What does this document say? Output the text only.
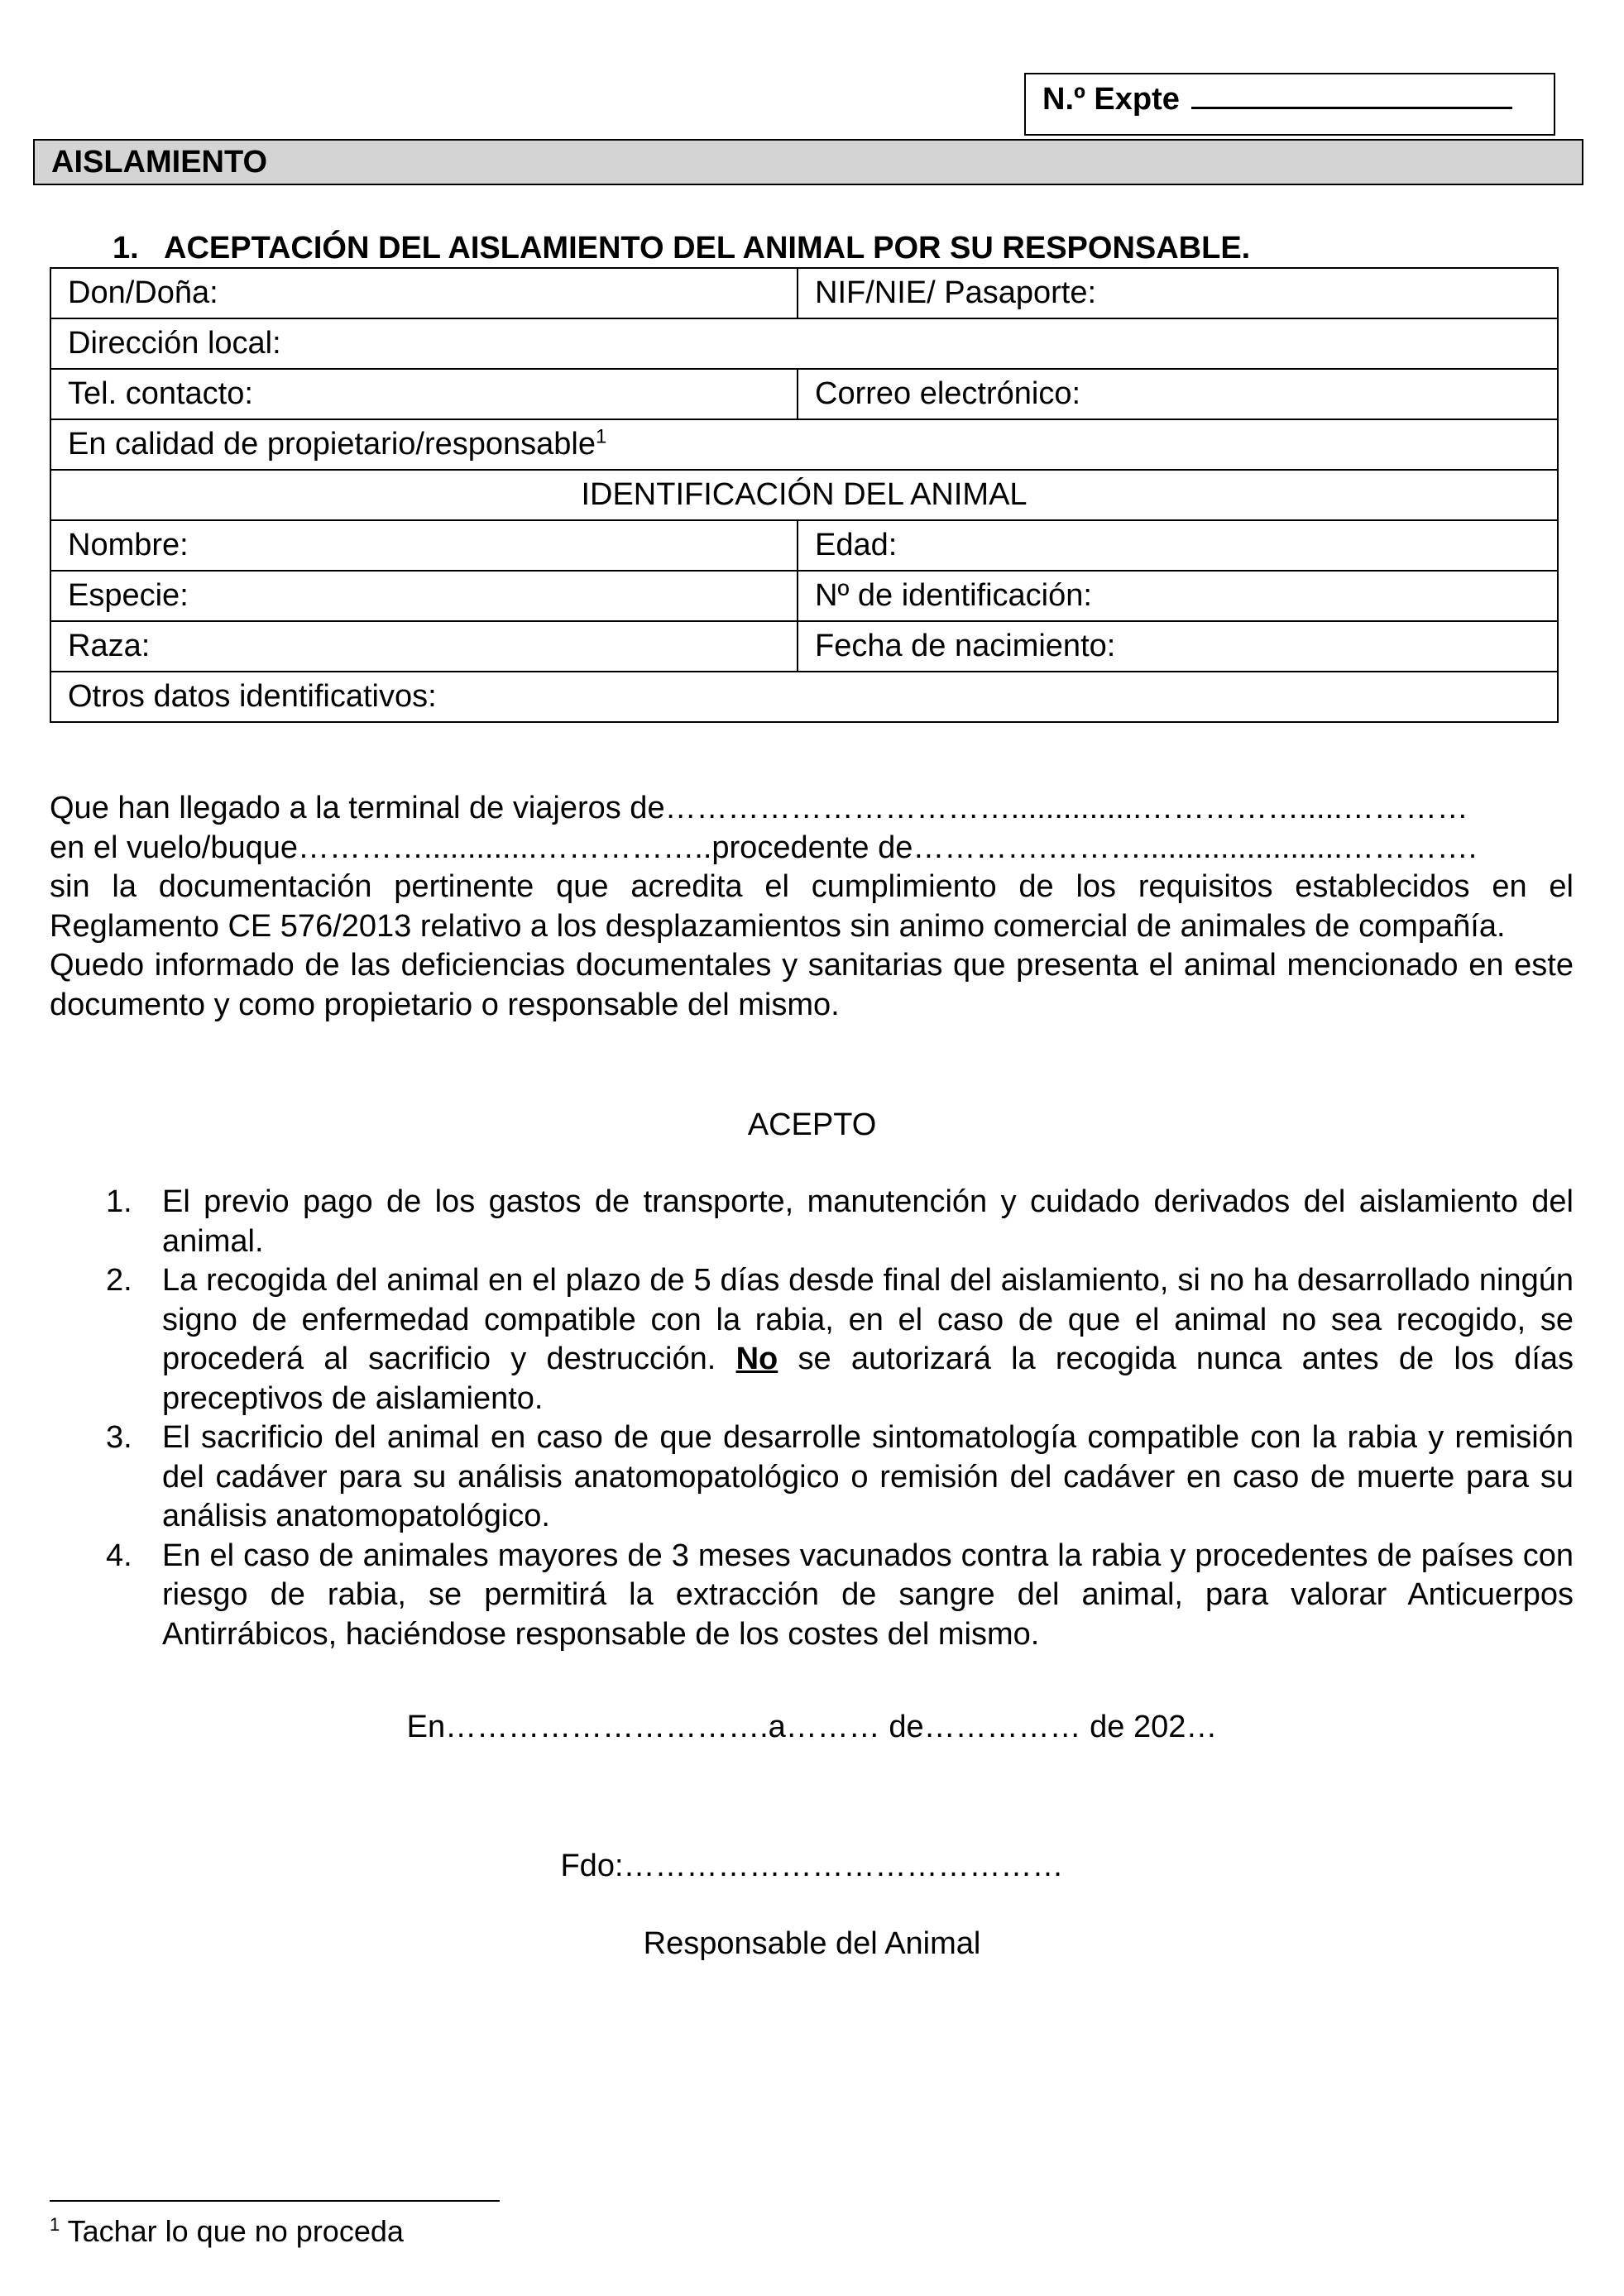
N.º Expte
AISLAMIENTO
1. ACEPTACIÓN DEL AISLAMIENTO DEL ANIMAL POR SU RESPONSABLE.
Don/Doña:	NIF/NIE/ Pasaporte:
Dirección local:	
Tel. contacto:	Correo electrónico:
En calidad de propietario/responsable$^1$
IDENTIFICACIÓN DEL ANIMAL	
Nombre:	Edad:
Especie:	Nº de identificación:
Raza:	Fecha de nacimiento:
Otros datos identificativos:	

Que han llegado a la terminal de viajeros de……………………………...............…………….....…………

en el vuelo/buque………….............……………..procedente de………….……….......................………….

sin la documentación pertinente que acredita el cumplimiento de los requisitos establecidos en el Reglamento CE 576/2013 relativo a los desplazamientos sin animo comercial de animales de compañía.

Quedo informado de las deficiencias documentales y sanitarias que presenta el animal mencionado en este documento y como propietario o responsable del mismo.

ACEPTO
1. El previo pago de los gastos de transporte, manutención y cuidado derivados del aislamiento del animal.
2. La recogida del animal en el plazo de 5 días desde final del aislamiento, si no ha desarrollado ningún signo de enfermedad compatible con la rabia, en el caso de que el animal no sea recogido, se procederá al sacrificio y destrucción. No se autorizará la recogida nunca antes de los días preceptivos de aislamiento.
3. El sacrificio del animal en caso de que desarrolle sintomatología compatible con la rabia y remisión del cadáver para su análisis anatomopatológico o remisión del cadáver en caso de muerte para su análisis anatomopatológico.
4. En el caso de animales mayores de 3 meses vacunados contra la rabia y procedentes de países con riesgo de rabia, se permitirá la extracción de sangre del animal, para valorar Anticuerpos Antirrábicos, haciéndose responsable de los costes del mismo.
En………………………….a……… de…………… de 202…
Fdo:……………………………………
Responsable del Animal
$^1$ Tachar lo que no proceda
